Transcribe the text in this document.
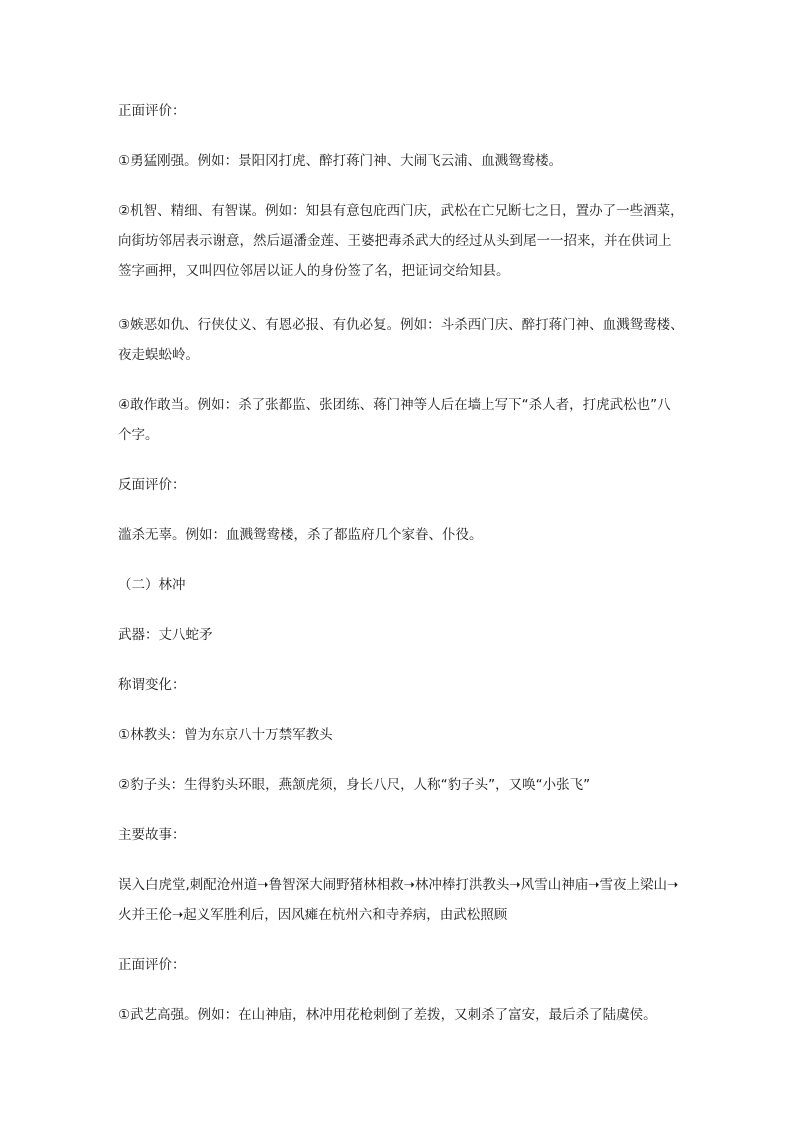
正面评价：

①勇猛刚强。例如：景阳冈打虎、醉打蒋门神、大闹飞云浦、血溅鸳鸯楼。

②机智、精细、有智谋。例如：知县有意包庇西门庆，武松在亡兄断七之日，置办了一些酒菜，向街坊邻居表示谢意，然后逼潘金莲、王婆把毒杀武大的经过从头到尾一一招来，并在供词上签字画押，又叫四位邻居以证人的身份签了名，把证词交给知县。

③嫉恶如仇、行侠仗义、有恩必报、有仇必复。例如：斗杀西门庆、醉打蒋门神、血溅鸳鸯楼、夜走蜈蚣岭。

④敢作敢当。例如：杀了张都监、张团练、蒋门神等人后在墙上写下“杀人者，打虎武松也”八个字。

反面评价：

滥杀无辜。例如：血溅鸳鸯楼，杀了都监府几个家眷、仆役。

（二）林冲

武器：丈八蛇矛

称谓变化：

①林教头：曾为东京八十万禁军教头

②豹子头：生得豹头环眼，燕颔虎须，身长八尺，人称“豹子头”，又唤“小张飞”

主要故事：

误入白虎堂,刺配沧州道➝鲁智深大闹野猪林相救➝林冲棒打洪教头➝风雪山神庙➝雪夜上梁山➝火并王伦➝起义军胜利后，因风瘫在杭州六和寺养病，由武松照顾

正面评价：

①武艺高强。例如：在山神庙，林冲用花枪刺倒了差拨，又刺杀了富安，最后杀了陆虞侯。
